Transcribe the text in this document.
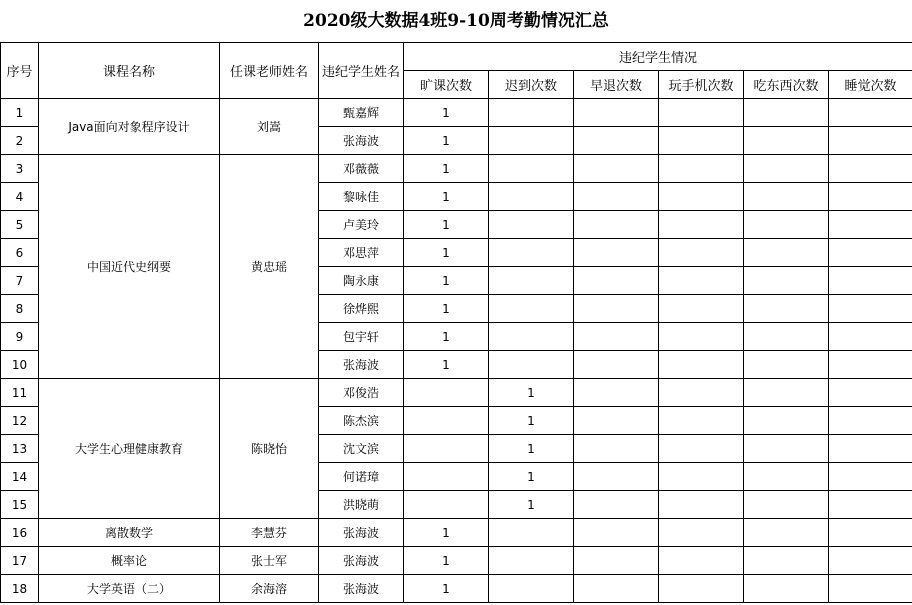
2020级大数据4班9-10周考勤情况汇总
序号	课程名称	任课老师姓名	违纪学生姓名	违纪学生情况					
				旷课次数	迟到次数	早退次数	玩手机次数	吃东西次数	睡觉次数
1	Java面向对象程序设计	刘嵩	甄嘉辉	1					
2			张海波	1					
3	中国近代史纲要	黄忠瑶	邓薇薇	1					
4			黎咏佳	1					
5			卢美玲	1					
6			邓思萍	1					
7			陶永康	1					
8			徐烨熙	1					
9			包宇轩	1					
10			张海波	1					
11	大学生心理健康教育	陈晓怡	邓俊浩		1				
12			陈杰滨		1				
13			沈文滨		1				
14			何诺璋		1				
15			洪晓萌		1				
16	离散数学	李慧芬	张海波	1					
17	概率论	张士军	张海波	1					
18	大学英语（二）	余海溶	张海波	1					
